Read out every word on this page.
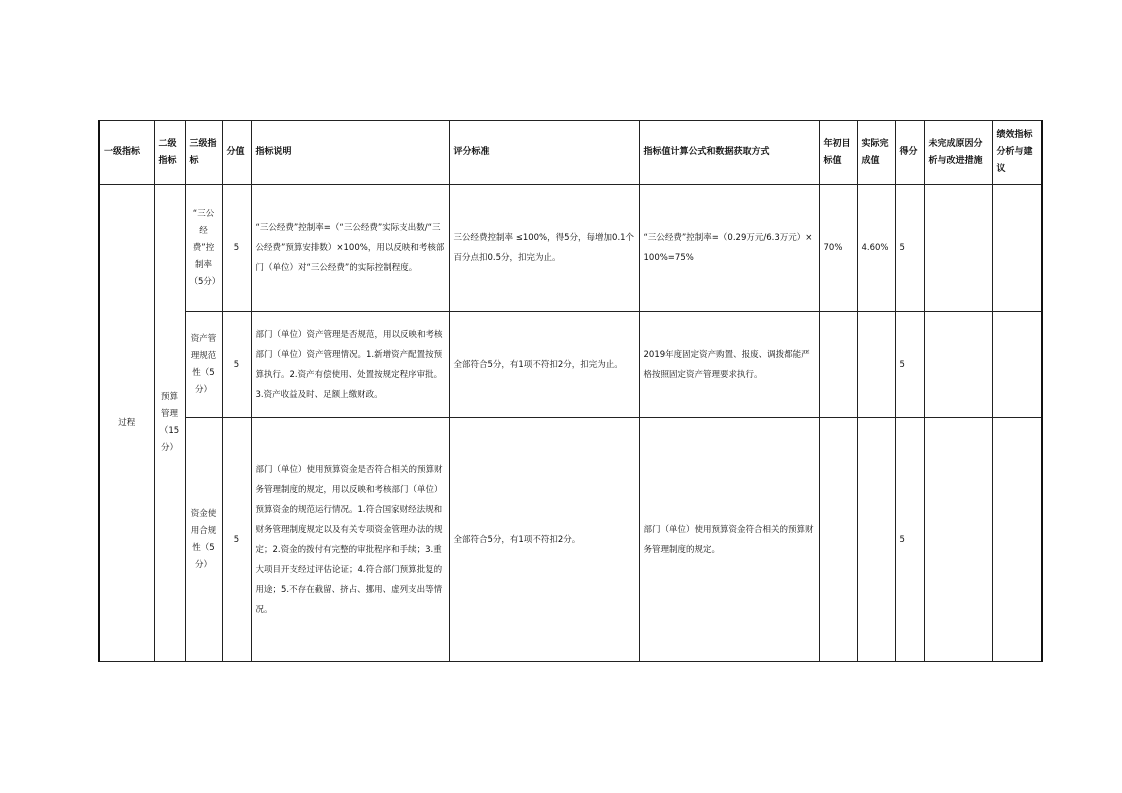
一级指标	二级指标	三级指标	分值	指标说明	评分标准	指标值计算公式和数据获取方式	年初目标值	实际完成值	得分	未完成原因分析与改进措施	绩效指标分析与建议
过程	预算管理（15分）	“三公经费”控制率（5分）	5	“三公经费”控制率=（“三公经费”实际支出数/“三公经费”预算安排数）×100%，用以反映和考核部门（单位）对“三公经费”的实际控制程度。	三公经费控制率 ≤100%，得5分，每增加0.1个百分点扣0.5分，扣完为止。	“三公经费”控制率=（0.29万元/6.3万元）×100%=75%	70%	4.60%	5		
		资产管理规范性（5分）	5	部门（单位）资产管理是否规范，用以反映和考核部门（单位）资产管理情况。1.新增资产配置按预算执行。2.资产有偿使用、处置按规定程序审批。3.资产收益及时、足额上缴财政。	全部符合5分，有1项不符扣2分，扣完为止。	2019年度固定资产购置、报废、调拨都能严格按照固定资产管理要求执行。			5		
		资金使用合规性（5分）	5	部门（单位）使用预算资金是否符合相关的预算财务管理制度的规定，用以反映和考核部门（单位）预算资金的规范运行情况。1.符合国家财经法规和财务管理制度规定以及有关专项资金管理办法的规定；2.资金的拨付有完整的审批程序和手续；3.重大项目开支经过评估论证；4.符合部门预算批复的用途；5.不存在截留、挤占、挪用、虚列支出等情况。	全部符合5分，有1项不符扣2分。	部门（单位）使用预算资金符合相关的预算财务管理制度的规定。			5		
